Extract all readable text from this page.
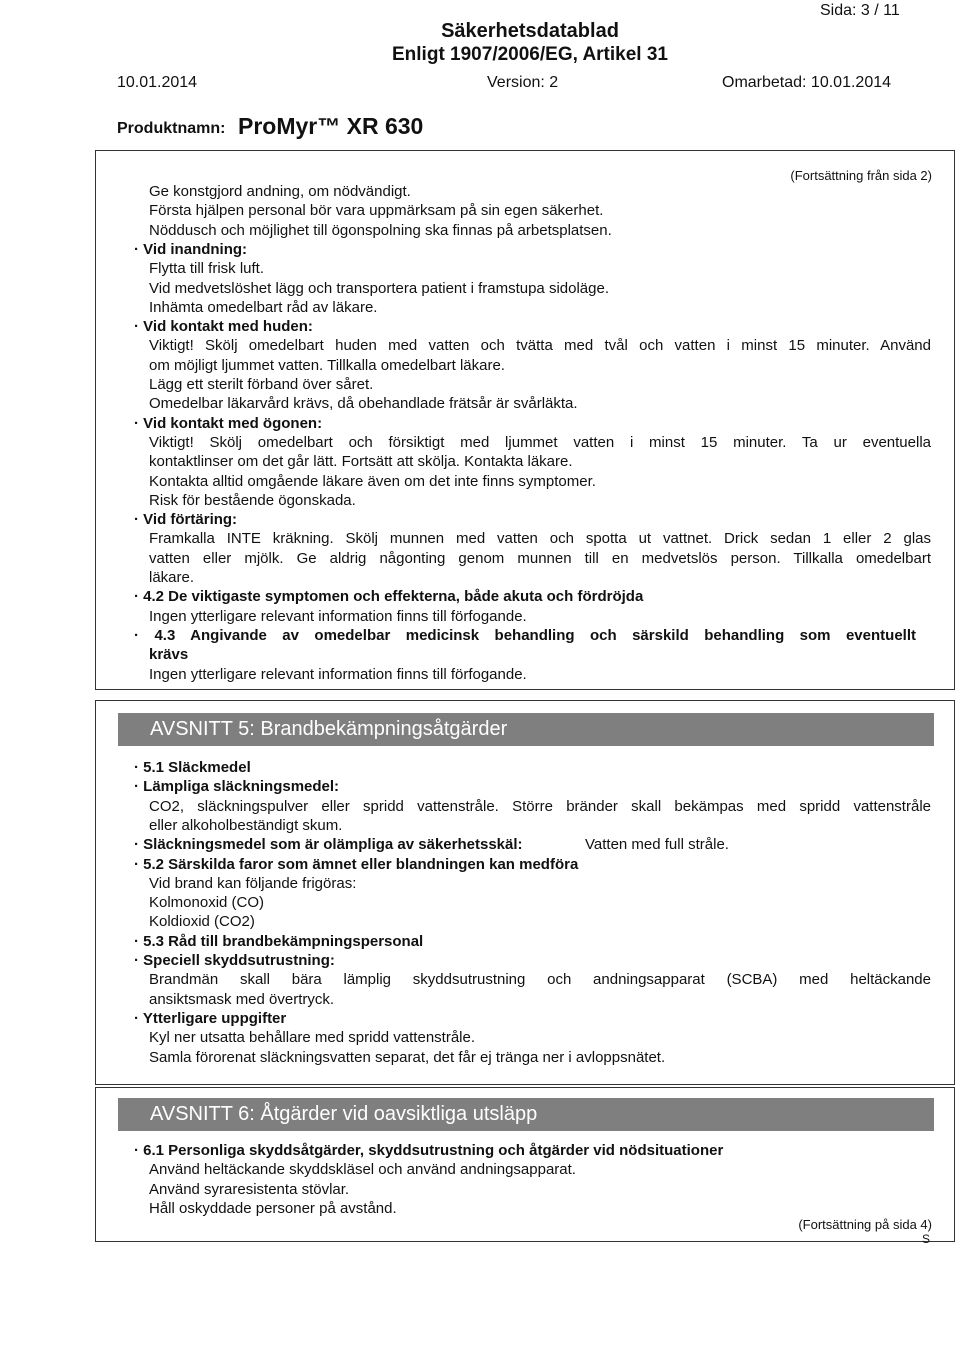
Sida: 3 / 11
Säkerhetsdatablad
Enligt 1907/2006/EG, Artikel 31
10.01.2014	Version: 2	Omarbetad: 10.01.2014
Produktnamn: ProMyr™ XR 630
(Fortsättning från sida 2)
Ge konstgjord andning, om nödvändigt.
Första hjälpen personal bör vara uppmärksam på sin egen säkerhet.
Nöddusch och möjlighet till ögonspolning ska finnas på arbetsplatsen.
· Vid inandning:
Flytta till frisk luft.
Vid medvetslöshet lägg och transportera patient i framstupa sidoläge.
Inhämta omedelbart råd av läkare.
· Vid kontakt med huden:
Viktigt! Skölj omedelbart huden med vatten och tvätta med tvål och vatten i minst 15 minuter. Använd
om möjligt ljummet vatten. Tillkalla omedelbart läkare.
Lägg ett sterilt förband över såret.
Omedelbar läkarvård krävs, då obehandlade frätsår är svårläkta.
· Vid kontakt med ögonen:
Viktigt! Skölj omedelbart och försiktigt med ljummet vatten i minst 15 minuter. Ta ur eventuella
kontaktlinser om det går lätt. Fortsätt att skölja. Kontakta läkare.
Kontakta alltid omgående läkare även om det inte finns symptomer.
Risk för bestående ögonskada.
· Vid förtäring:
Framkalla INTE kräkning. Skölj munnen med vatten och spotta ut vattnet. Drick sedan 1 eller 2 glas
vatten eller mjölk. Ge aldrig någonting genom munnen till en medvetslös person. Tillkalla omedelbart
läkare.
· 4.2 De viktigaste symptomen och effekterna, både akuta och fördröjda
Ingen ytterligare relevant information finns till förfogande.
· 4.3 Angivande av omedelbar medicinsk behandling och särskild behandling som eventuellt
krävs
Ingen ytterligare relevant information finns till förfogande.
AVSNITT 5: Brandbekämpningsåtgärder
· 5.1 Släckmedel
· Lämpliga släckningsmedel:
CO2, släckningspulver eller spridd vattenstråle. Större bränder skall bekämpas med spridd vattenstråle
eller alkoholbeständigt skum.
· Släckningsmedel som är olämpliga av säkerhetsskäl:	Vatten med full stråle.
· 5.2 Särskilda faror som ämnet eller blandningen kan medföra
Vid brand kan följande frigöras:
Kolmonoxid (CO)
Koldioxid (CO2)
· 5.3 Råd till brandbekämpningspersonal
· Speciell skyddsutrustning:
Brandmän skall bära lämplig skyddsutrustning och andningsapparat (SCBA) med heltäckande
ansiktsmask med övertryck.
· Ytterligare uppgifter
Kyl ner utsatta behållare med spridd vattenstråle.
Samla förorenat släckningsvatten separat, det får ej tränga ner i avloppsnätet.
AVSNITT 6: Åtgärder vid oavsiktliga utsläpp
· 6.1 Personliga skyddsåtgärder, skyddsutrustning och åtgärder vid nödsituationer
Använd heltäckande skyddskläsel och använd andningsapparat.
Använd syraresistenta stövlar.
Håll oskyddade personer på avstånd.
(Fortsättning på sida 4)
S
